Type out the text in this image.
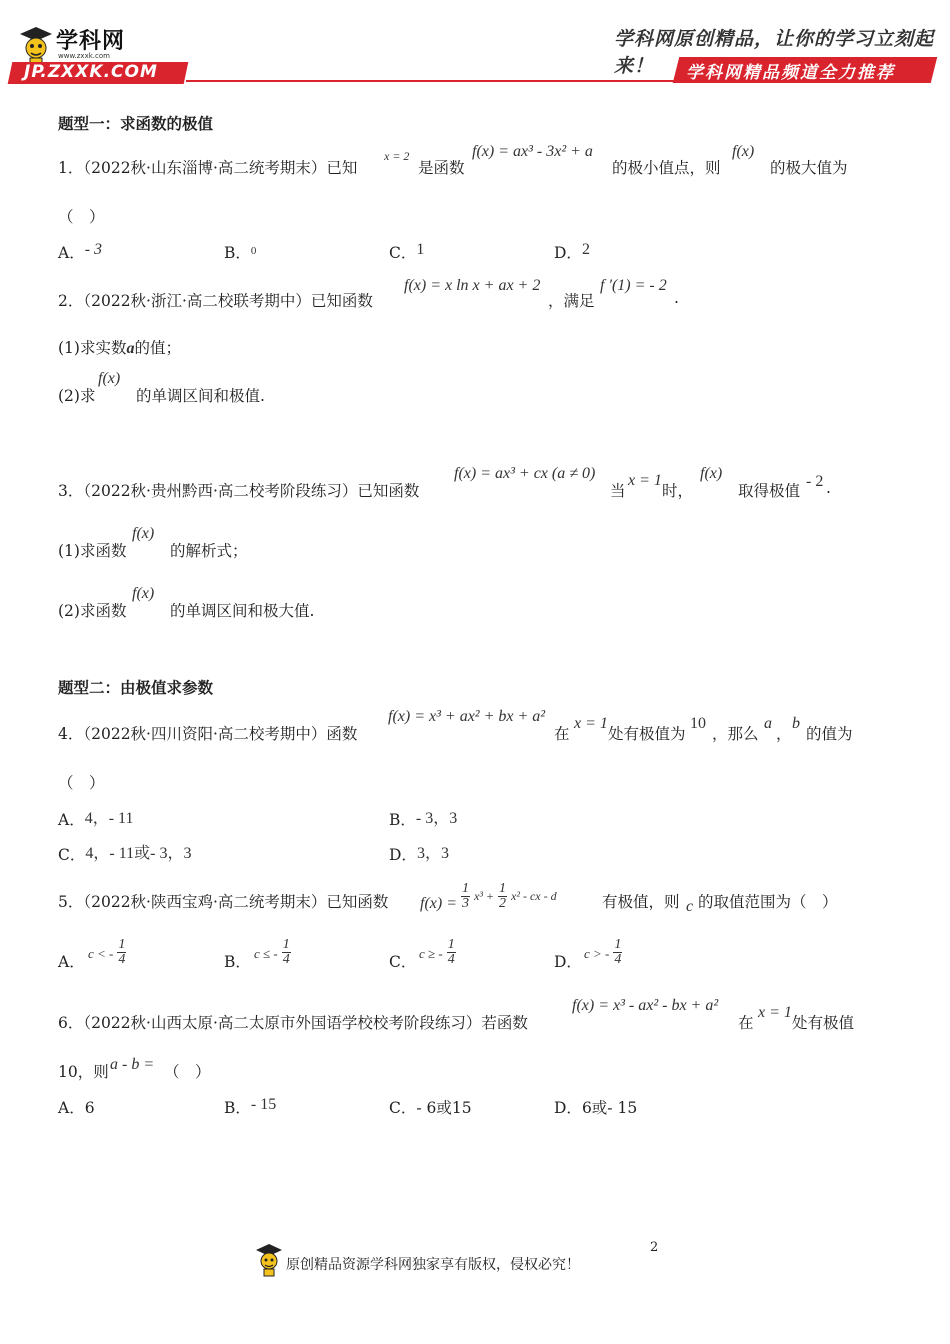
学科网
www.zxxk.com
JP.ZXXK.COM
学科网原创精品，让你的学习立刻起来！	学科网精品频道全力推荐
题型一：求函数的极值
1．（2022秋·山东淄博·高二统考期末）已知
x = 2
是函数
f(x) = ax³ - 3x² + a
的极小值点，则
f(x)
的极大值为
（　）
A．- 3	B．$^0$	C．1	D．2
2．（2022秋·浙江·高二校联考期中）已知函数
f(x) = x ln x + ax + 2
，满足
f ′(1) = - 2
.
(1)求实数a的值；
(2)求
f(x)
的单调区间和极值.
3．（2022秋·贵州黔西·高二校考阶段练习）已知函数
f(x) = ax³ + cx (a ≠ 0)
当
x = 1
时，
f(x)
取得极值
- 2 .
(1)求函数
f(x)
的解析式；
(2)求函数
f(x)
的单调区间和极大值.
题型二：由极值求参数
4．（2022秋·四川资阳·高二校考期中）函数
f(x) = x³ + ax² + bx + a²
在
x = 1
处有极值为
10
，那么
a
，
b
的值为
（　）
A．4，- 11	B．- 3，3
C．4，- 11或- 3，3	D．3，3
5．（2022秋·陕西宝鸡·高二统考期末）已知函数 $f(x) = \frac{1}{3} _{x^3 +} \frac{1}{2} _{x^2 - cx - d}$	有极值，则 c 的取值范围为（　）
A． c < - $\frac{1}{4}$	B． c ≤ - $\frac{1}{4}$	C． c ≥ - $\frac{1}{4}$	D． c > - $\frac{1}{4}$
6．（2022秋·山西太原·高二太原市外国语学校校考阶段练习）若函数
f(x) = x³ - ax² - bx + a²
在
x = 1
处有极值
10，则 a - b = （　）
A．6	B．- 15	C．- 6或15	D．6或- 15
原创精品资源学科网独家享有版权，侵权必究！
2
